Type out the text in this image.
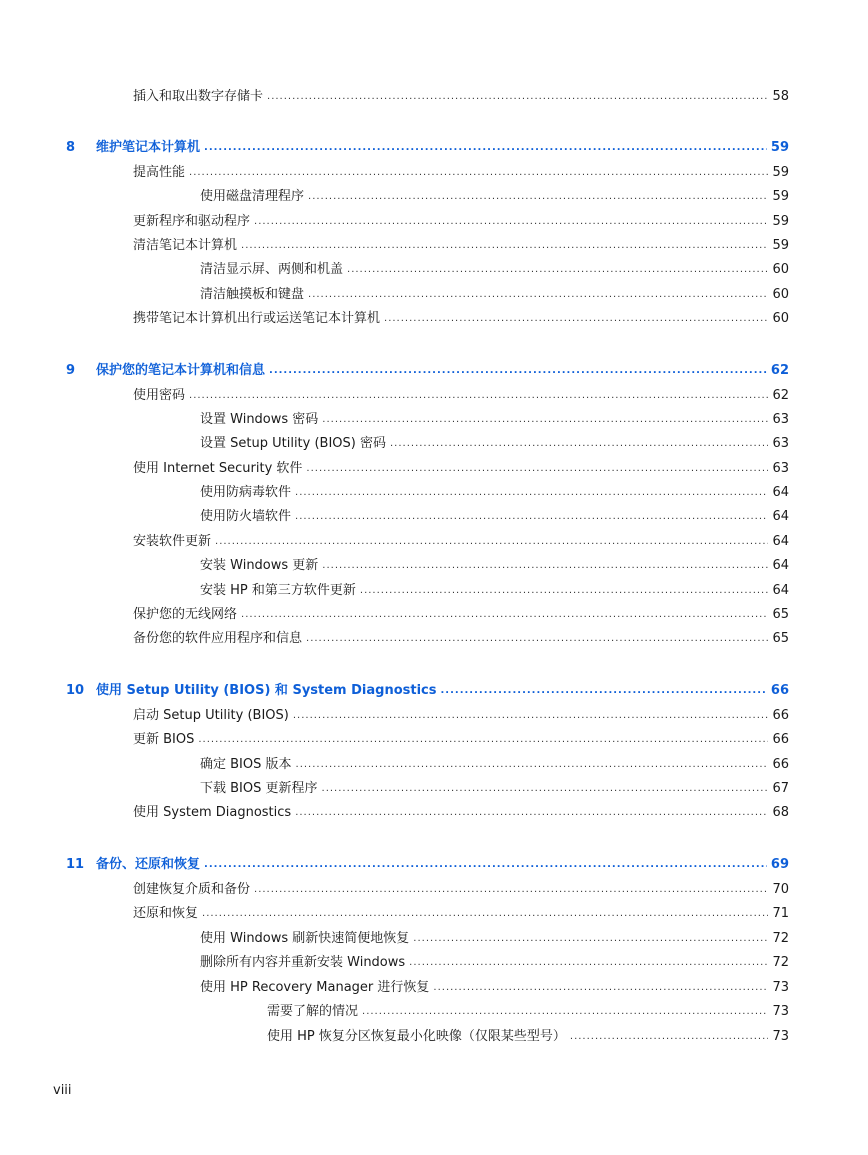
插入和取出数字存储卡 .....	58
8	维护笔记本计算机 .....	59
提高性能 .....	59
使用磁盘清理程序 .....	59
更新程序和驱动程序 .....	59
清洁笔记本计算机 .....	59
清洁显示屏、两侧和机盖 .....	60
清洁触摸板和键盘 .....	60
携带笔记本计算机出行或运送笔记本计算机 .....	60
9	保护您的笔记本计算机和信息 .....	62
使用密码 .....	62
设置 Windows 密码 .....	63
设置 Setup Utility (BIOS) 密码 .....	63
使用 Internet Security 软件 .....	63
使用防病毒软件 .....	64
使用防火墙软件 .....	64
安装软件更新 .....	64
安装 Windows 更新 .....	64
安装 HP 和第三方软件更新 .....	64
保护您的无线网络 .....	65
备份您的软件应用程序和信息 .....	65
10 使用 Setup Utility (BIOS) 和 System Diagnostics .....	66
启动 Setup Utility (BIOS) .....	66
更新 BIOS .....	66
确定 BIOS 版本 .....	66
下载 BIOS 更新程序 .....	67
使用 System Diagnostics .....	68
11 备份、还原和恢复 .....	69
创建恢复介质和备份 .....	70
还原和恢复 .....	71
使用 Windows 刷新快速简便地恢复 .....	72
删除所有内容并重新安装 Windows .....	72
使用 HP Recovery Manager 进行恢复 .....	73
需要了解的情况 .....	73
使用 HP 恢复分区恢复最小化映像（仅限某些型号） .....	73
viii
